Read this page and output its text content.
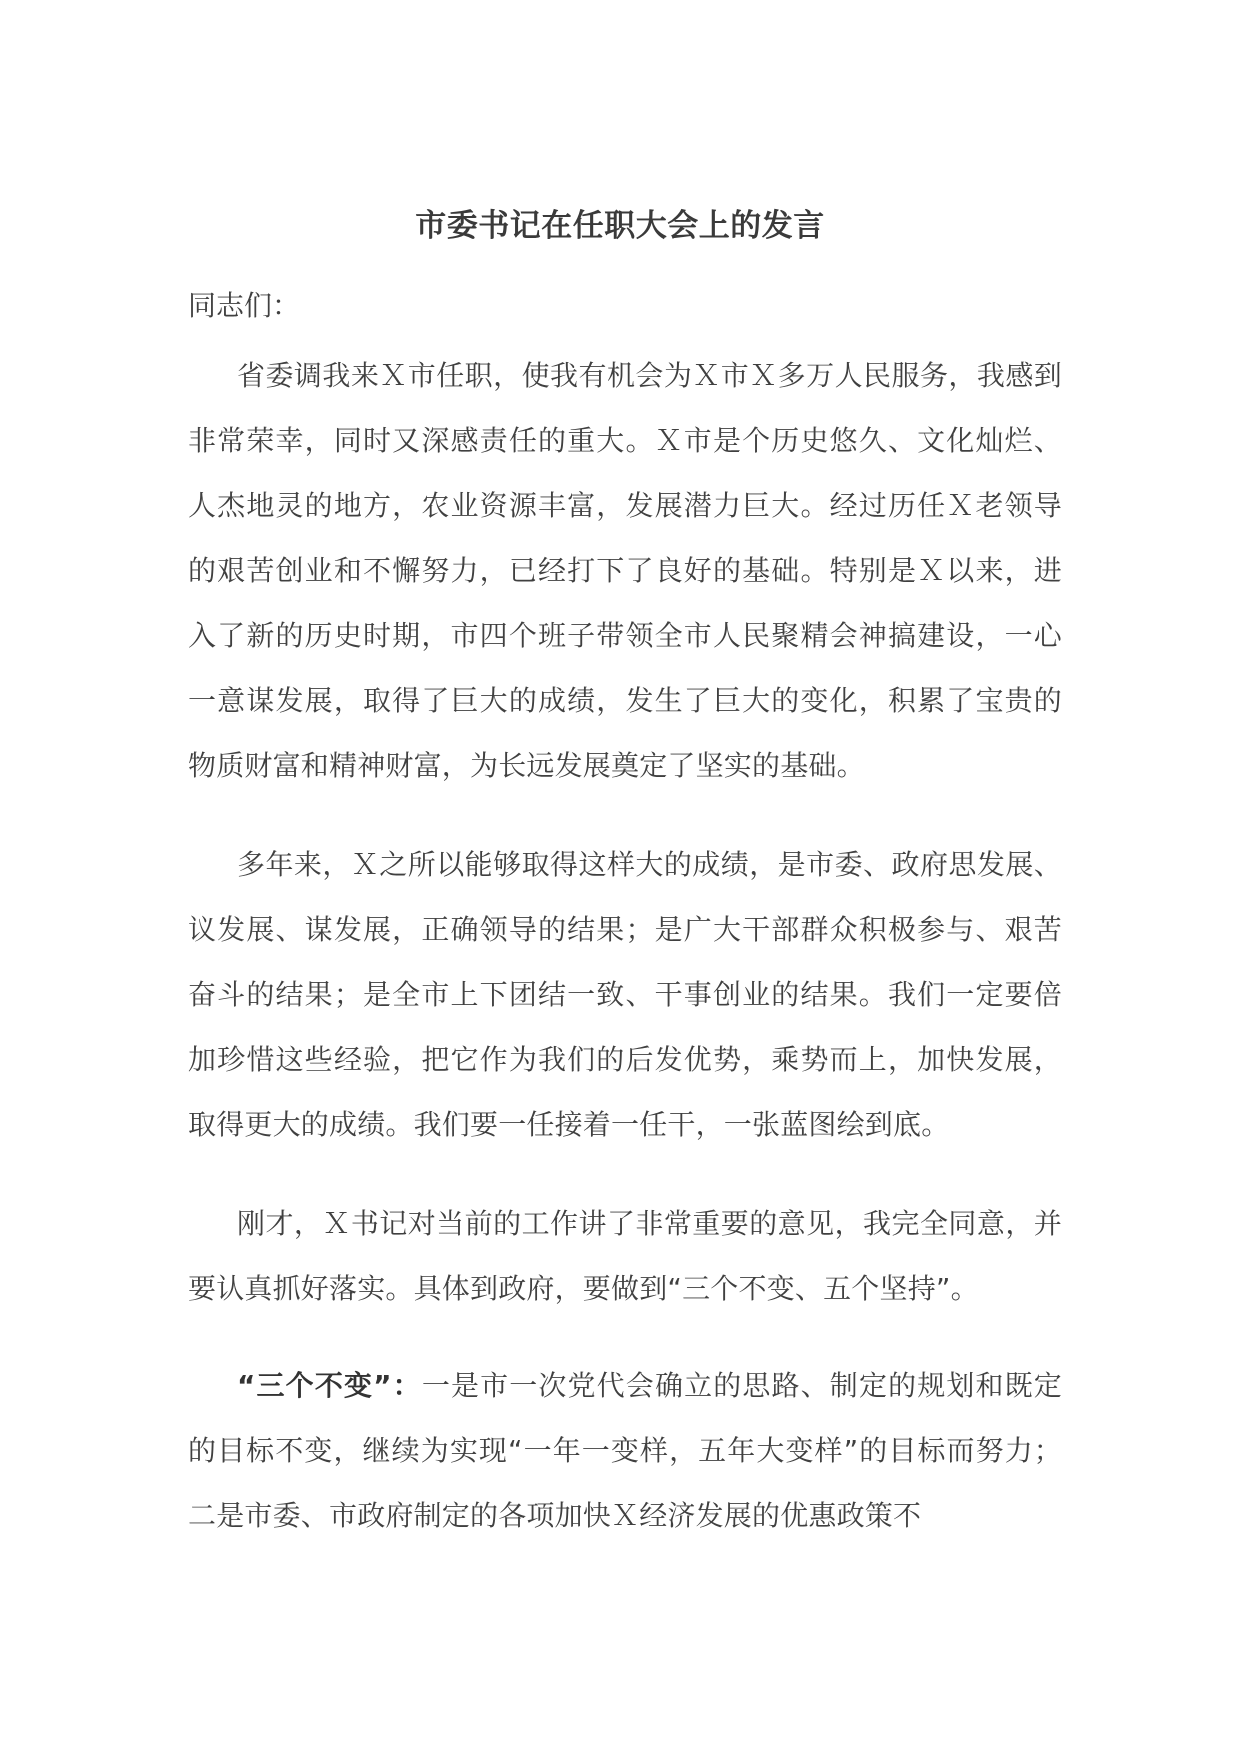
市委书记在任职大会上的发言

同志们：

省委调我来Ｘ市任职，使我有机会为Ｘ市Ｘ多万人民服务，我感到非常荣幸，同时又深感责任的重大。Ｘ市是个历史悠久、文化灿烂、人杰地灵的地方，农业资源丰富，发展潜力巨大。经过历任Ｘ老领导的艰苦创业和不懈努力，已经打下了良好的基础。特别是Ｘ以来，进入了新的历史时期，市四个班子带领全市人民聚精会神搞建设，一心一意谋发展，取得了巨大的成绩，发生了巨大的变化，积累了宝贵的物质财富和精神财富，为长远发展奠定了坚实的基础。

多年来，Ｘ之所以能够取得这样大的成绩，是市委、政府思发展、议发展、谋发展，正确领导的结果；是广大干部群众积极参与、艰苦奋斗的结果；是全市上下团结一致、干事创业的结果。我们一定要倍加珍惜这些经验，把它作为我们的后发优势，乘势而上，加快发展，取得更大的成绩。我们要一任接着一任干，一张蓝图绘到底。

刚才，Ｘ书记对当前的工作讲了非常重要的意见，我完全同意，并要认真抓好落实。具体到政府，要做到“三个不变、五个坚持”。

“三个不变”：一是市一次党代会确立的思路、制定的规划和既定的目标不变，继续为实现“一年一变样，五年大变样”的目标而努力；二是市委、市政府制定的各项加快Ｘ经济发展的优惠政策不
